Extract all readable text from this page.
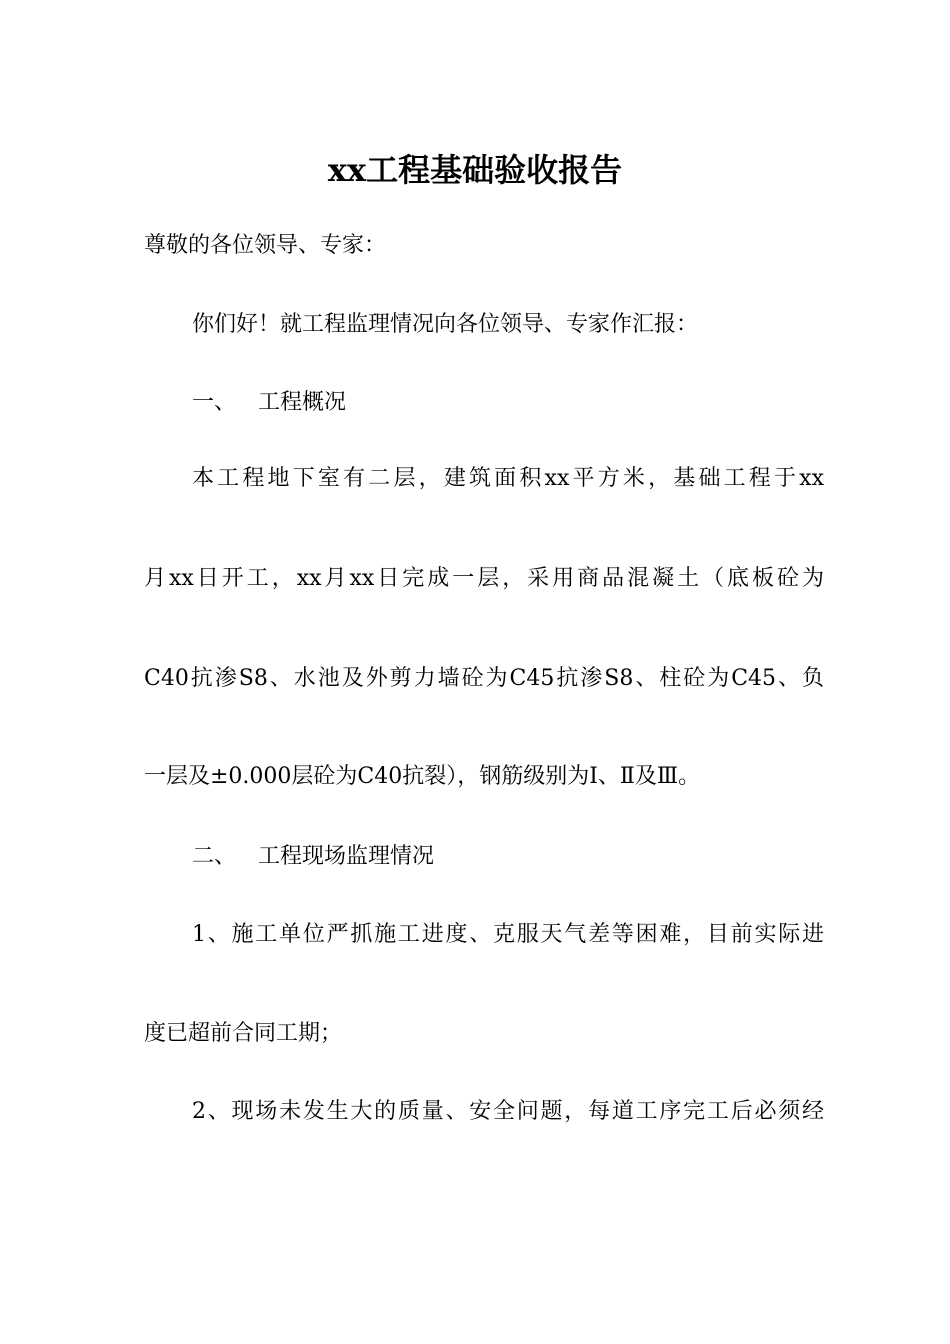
xx工程基础验收报告

尊敬的各位领导、专家：

你们好！就工程监理情况向各位领导、专家作汇报：

一、 工程概况

本工程地下室有二层，建筑面积xx平方米，基础工程于xx

月xx日开工，xx月xx日完成一层，采用商品混凝土（底板砼为

C40抗渗S8、水池及外剪力墙砼为C45抗渗S8、柱砼为C45、负

一层及±0.000层砼为C40抗裂），钢筋级别为Ⅰ、Ⅱ及Ⅲ。

二、 工程现场监理情况

1、施工单位严抓施工进度、克服天气差等困难，目前实际进

度已超前合同工期；

2、现场未发生大的质量、安全问题，每道工序完工后必须经
